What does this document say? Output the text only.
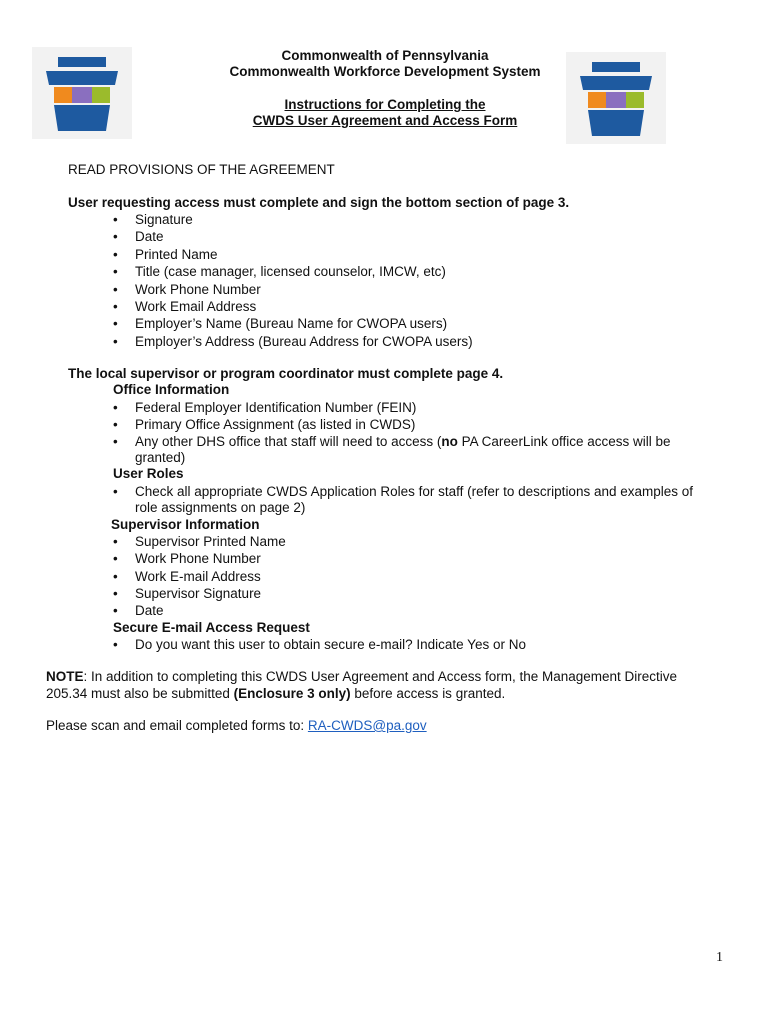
Commonwealth of Pennsylvania
Commonwealth Workforce Development System
Instructions for Completing the
CWDS User Agreement and Access Form
READ PROVISIONS OF THE AGREEMENT
User requesting access must complete and sign the bottom section of page 3.
• Signature
• Date
• Printed Name
• Title (case manager, licensed counselor, IMCW, etc)
• Work Phone Number
• Work Email Address
• Employer’s Name (Bureau Name for CWOPA users)
• Employer’s Address (Bureau Address for CWOPA users)
The local supervisor or program coordinator must complete page 4.
Office Information
• Federal Employer Identification Number (FEIN)
• Primary Office Assignment (as listed in CWDS)
• Any other DHS office that staff will need to access (no PA CareerLink office access will be
granted)
User Roles
• Check all appropriate CWDS Application Roles for staff (refer to descriptions and examples of
role assignments on page 2)
Supervisor Information
• Supervisor Printed Name
• Work Phone Number
• Work E-mail Address
• Supervisor Signature
• Date
Secure E-mail Access Request
• Do you want this user to obtain secure e-mail? Indicate Yes or No
NOTE: In addition to completing this CWDS User Agreement and Access form, the Management Directive
205.34 must also be submitted (Enclosure 3 only) before access is granted.
Please scan and email completed forms to: RA-CWDS@pa.gov
1
